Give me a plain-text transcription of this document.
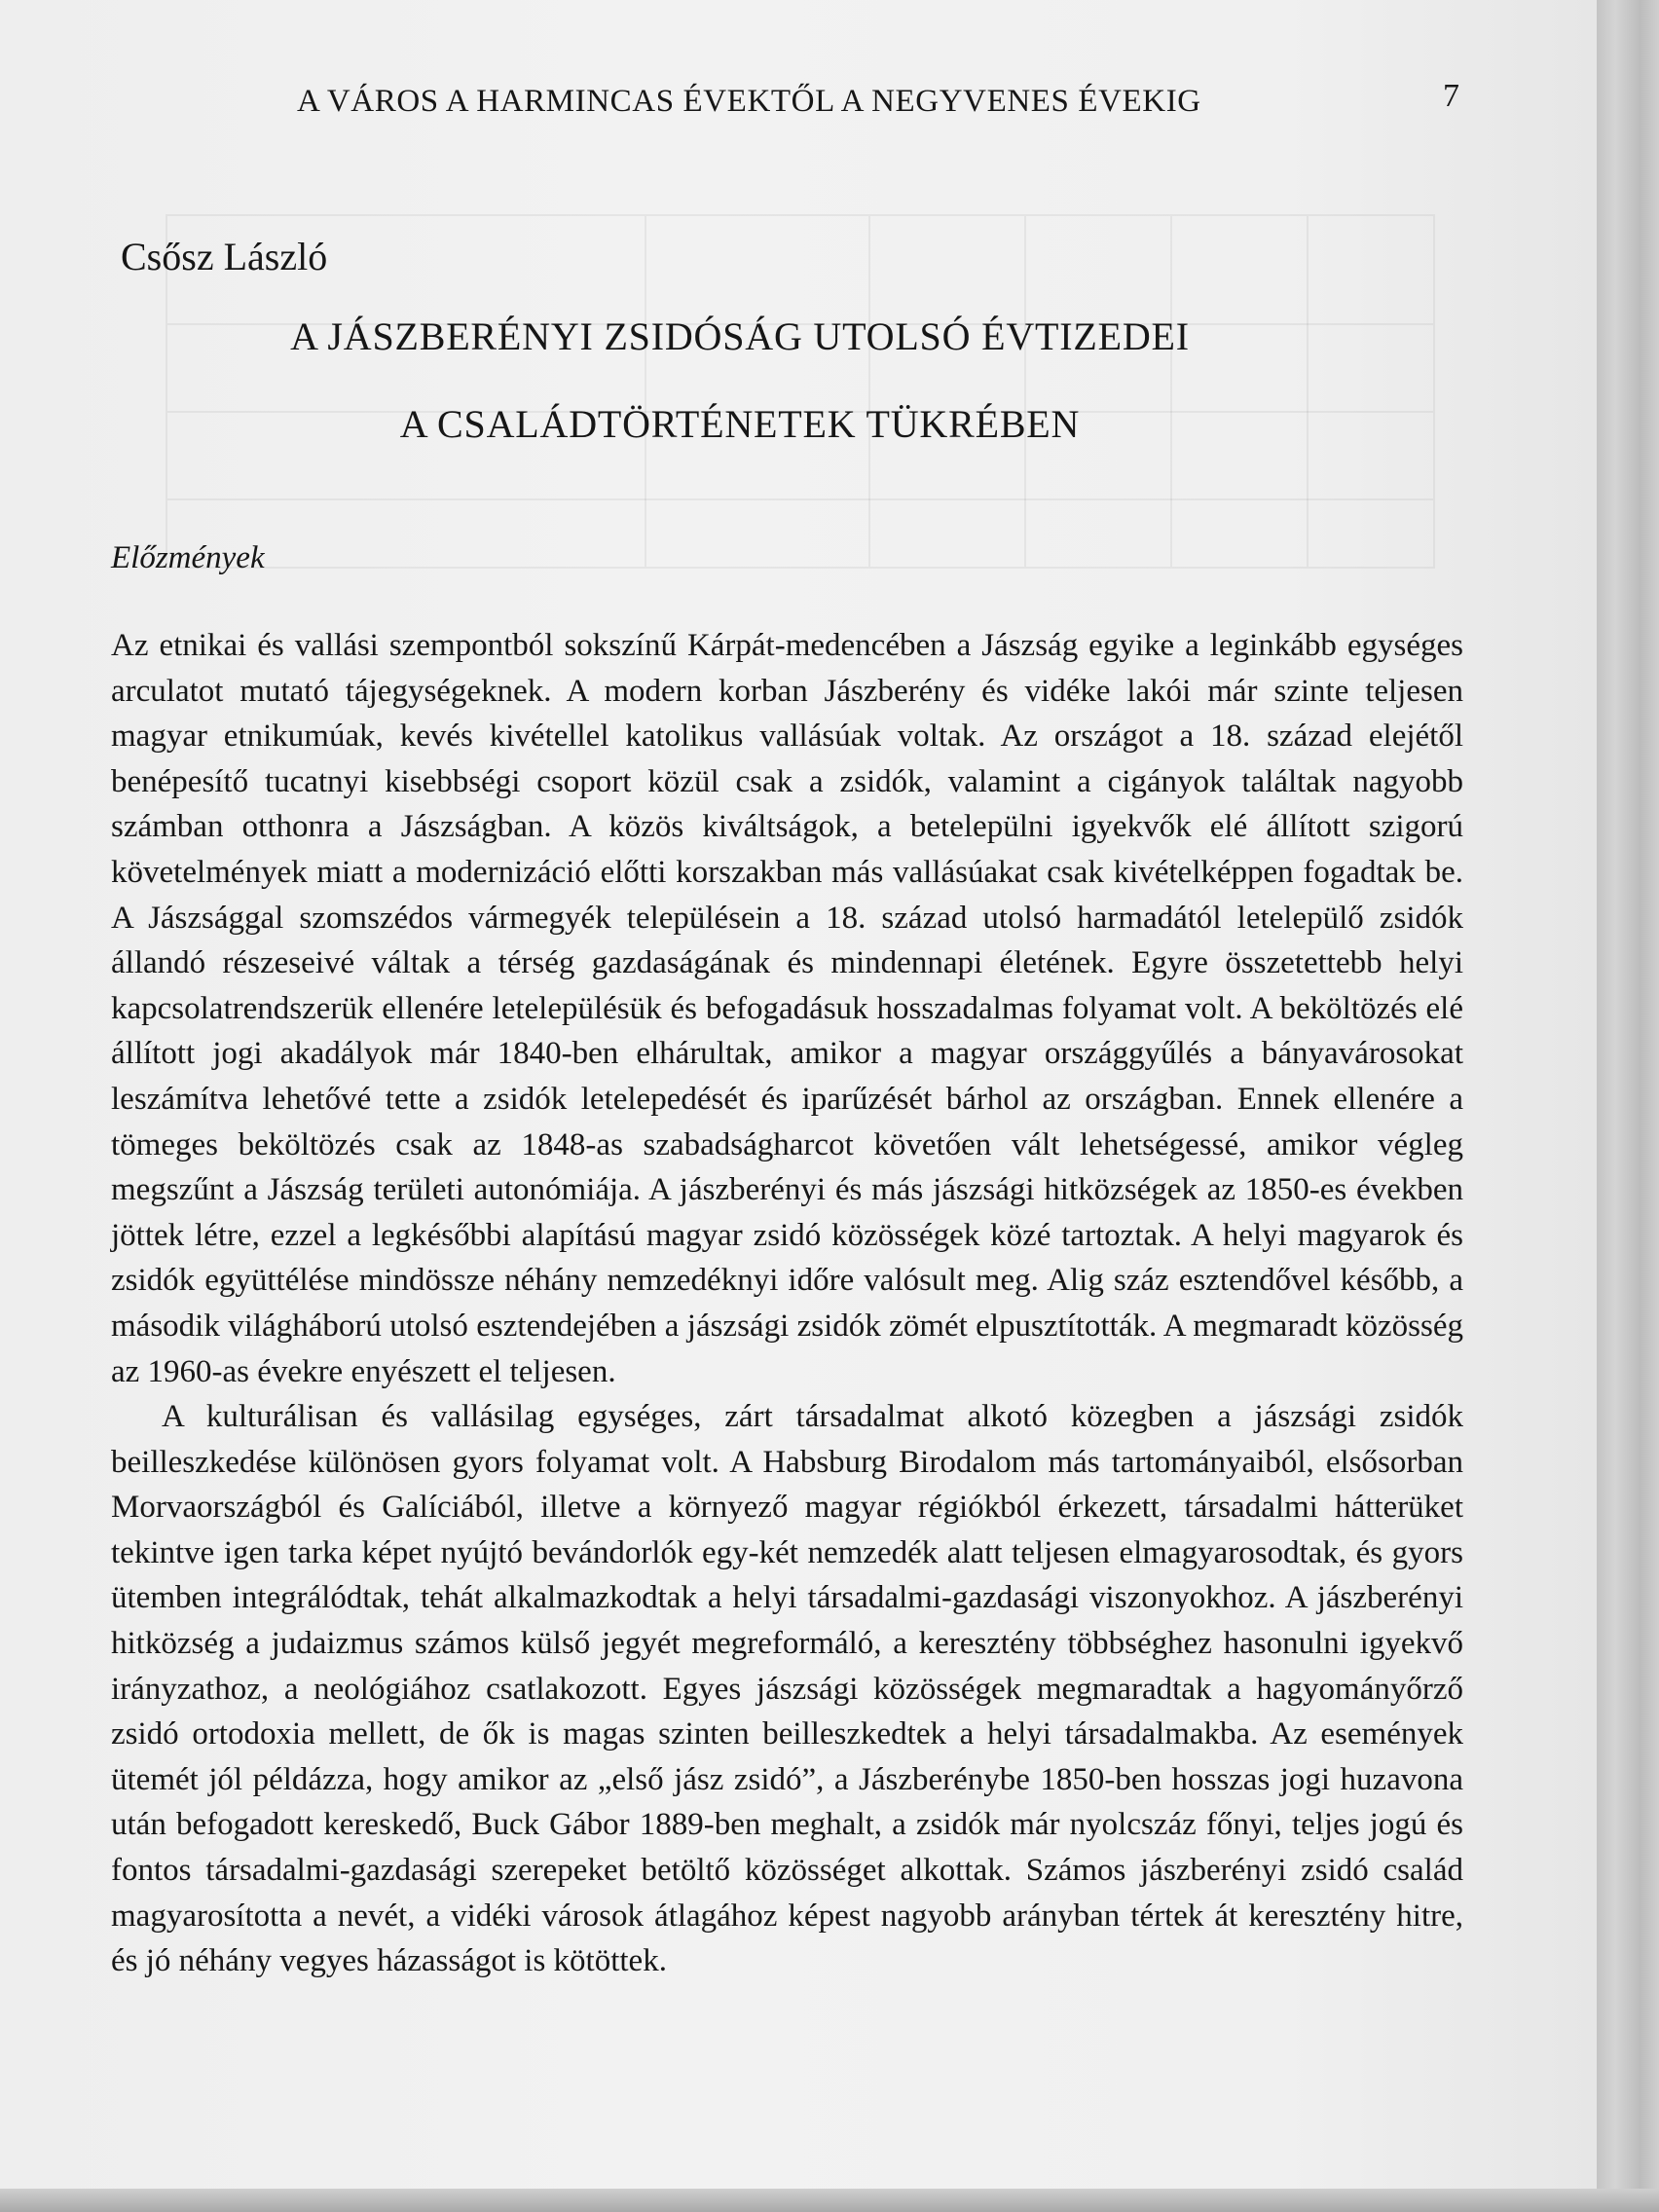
A VÁROS A HARMINCAS ÉVEKTŐL A NEGYVENES ÉVEKIG	7
Csősz László
A JÁSZBERÉNYI ZSIDÓSÁG UTOLSÓ ÉVTIZEDEI
A CSALÁDTÖRTÉNETEK TÜKRÉBEN
Előzmények

Az etnikai és vallási szempontból sokszínű Kárpát-medencében a Jászság egyike a leginkább egységes arculatot mutató tájegységeknek. A modern korban Jászberény és vidéke lakói már szinte teljesen magyar etnikumúak, kevés kivétellel katolikus vallásúak voltak. Az országot a 18. század elejétől benépesítő tucatnyi kisebbségi csoport közül csak a zsidók, valamint a cigányok találtak nagyobb számban otthonra a Jászságban. A közös kiváltságok, a betelepülni igyekvők elé állított szigorú követelmények miatt a modernizáció előtti korszakban más vallásúakat csak kivételképpen fogadtak be. A Jászsággal szomszédos vármegyék településein a 18. század utolsó harmadától letelepülő zsidók állandó részeseivé váltak a térség gazdaságának és mindennapi életének. Egyre összetettebb helyi kapcsolatrendszerük ellenére letelepülésük és befogadásuk hosszadalmas folyamat volt. A beköltözés elé állított jogi akadályok már 1840-ben elhárultak, amikor a magyar országgyűlés a bányavárosokat leszámítva lehetővé tette a zsidók letelepedését és iparűzését bárhol az országban. Ennek ellenére a tömeges beköltözés csak az 1848-as szabadságharcot követően vált lehetségessé, amikor végleg megszűnt a Jászság területi autonómiája. A jászberényi és más jászsági hitközségek az 1850-es években jöttek létre, ezzel a legkésőbbi alapítású magyar zsidó közösségek közé tartoztak. A helyi magyarok és zsidók együttélése mindössze néhány nemzedéknyi időre valósult meg. Alig száz esztendővel később, a második világháború utolsó esztendejében a jászsági zsidók zömét elpusztították. A megmaradt közösség az 1960-as évekre enyészett el teljesen.

A kulturálisan és vallásilag egységes, zárt társadalmat alkotó közegben a jászsági zsidók beilleszkedése különösen gyors folyamat volt. A Habsburg Birodalom más tartományaiból, elsősorban Morvaországból és Galíciából, illetve a környező magyar régiókból érkezett, társadalmi hátterüket tekintve igen tarka képet nyújtó bevándorlók egy-két nemzedék alatt teljesen elmagyarosodtak, és gyors ütemben integrálódtak, tehát alkalmazkodtak a helyi társadalmi-gazdasági viszonyokhoz. A jászberényi hitközség a judaizmus számos külső jegyét megreformáló, a keresztény többséghez hasonulni igyekvő irányzathoz, a neológiához csatlakozott. Egyes jászsági közösségek megmaradtak a hagyományőrző zsidó ortodoxia mellett, de ők is magas szinten beilleszkedtek a helyi társadalmakba. Az események ütemét jól példázza, hogy amikor az „első jász zsidó”, a Jászberénybe 1850-ben hosszas jogi huzavona után befogadott kereskedő, Buck Gábor 1889-ben meghalt, a zsidók már nyolcszáz főnyi, teljes jogú és fontos társadalmi-gazdasági szerepeket betöltő közösséget alkottak. Számos jászberényi zsidó család magyarosította a nevét, a vidéki városok átlagához képest nagyobb arányban tértek át keresztény hitre, és jó néhány vegyes házasságot is kötöttek.
